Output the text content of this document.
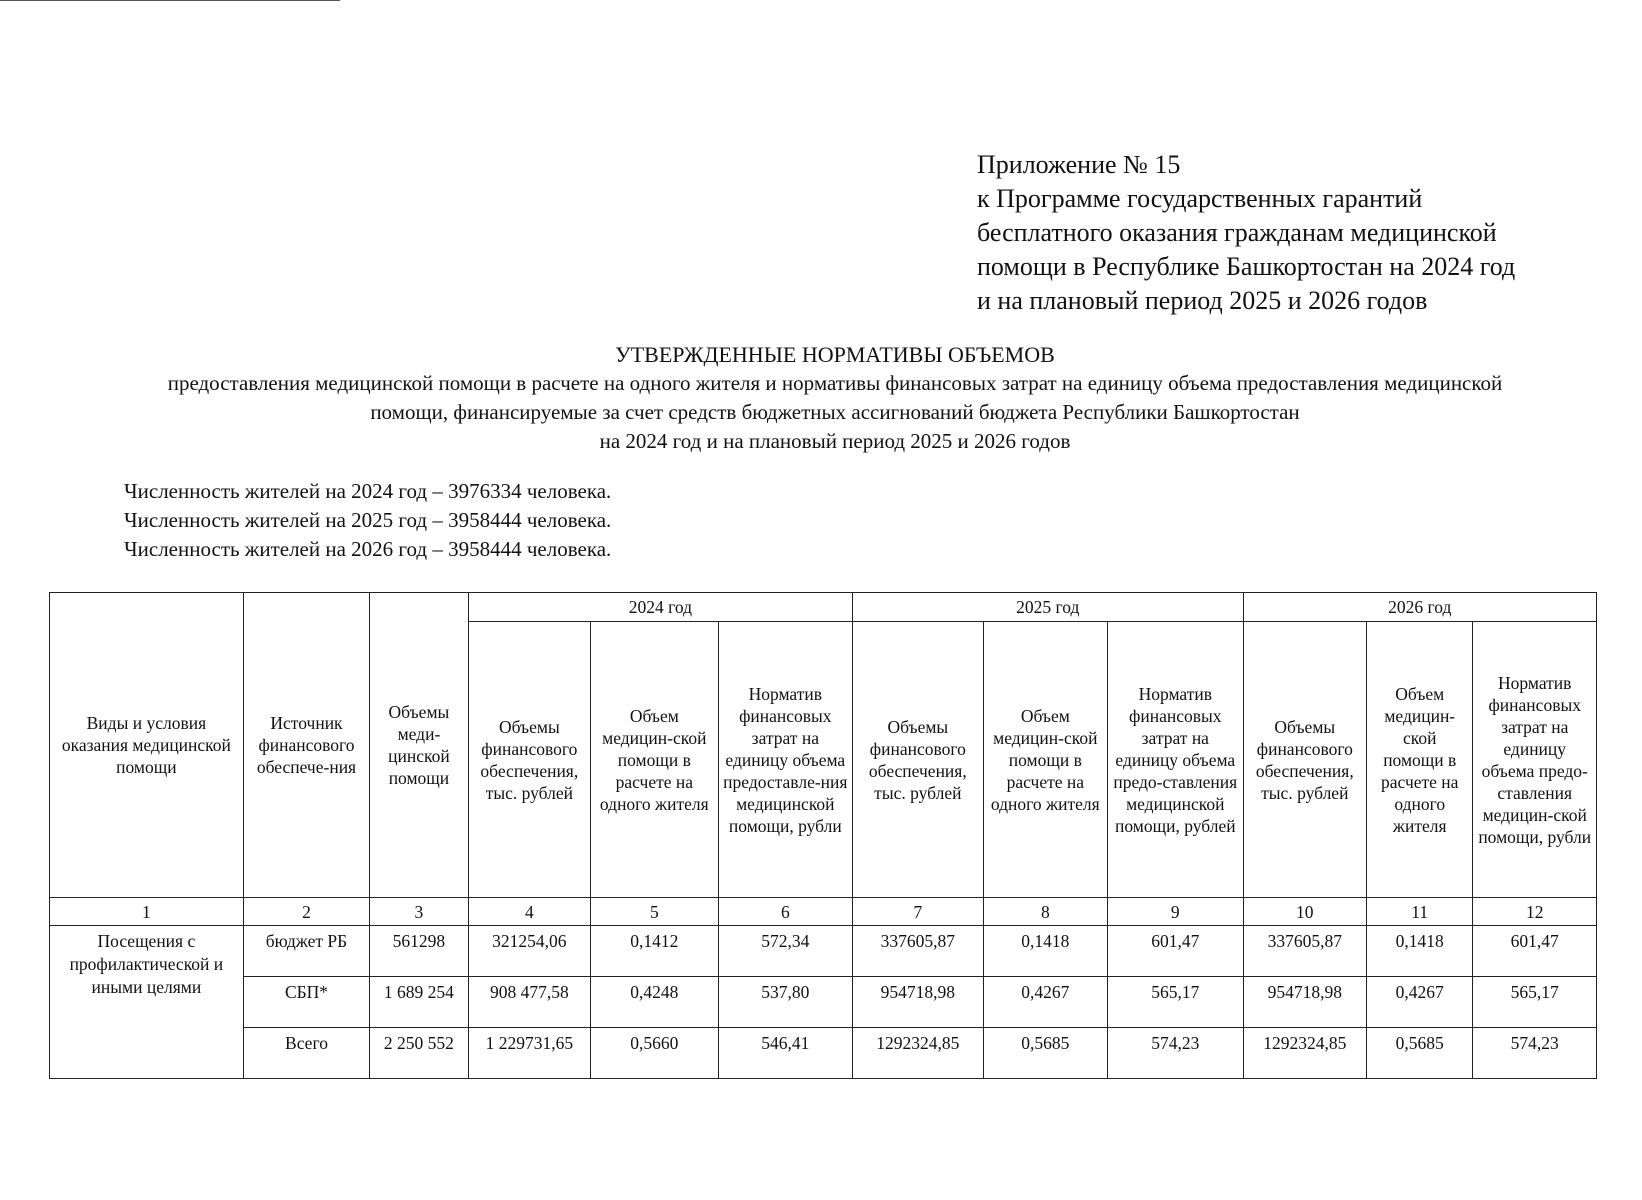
Приложение № 15
к Программе государственных гарантий
бесплатного оказания гражданам медицинской
помощи в Республике Башкортостан на 2024 год
и на плановый период 2025 и 2026 годов
УТВЕРЖДЕННЫЕ НОРМАТИВЫ ОБЪЕМОВ
предоставления медицинской помощи в расчете на одного жителя и нормативы финансовых затрат на единицу объема предоставления медицинской
помощи, финансируемые за счет средств бюджетных ассигнований бюджета Республики Башкортостан
на 2024 год и на плановый период 2025 и 2026 годов
Численность жителей на 2024 год – 3976334 человека.
Численность жителей на 2025 год – 3958444 человека.
Численность жителей на 2026 год – 3958444 человека.
Виды и условия оказания медицинской помощи	Источник финансового обеспече-ния	Объемы меди-цинской помощи	2024 год			2025 год			2026 год		
			Объемы финансового обеспечения, тыс. рублей	Объем медицин-ской помощи в расчете на одного жителя	Норматив финансовых затрат на единицу объема предоставле-ния медицинской помощи, рубли	Объемы финансового обеспечения, тыс. рублей	Объем медицин-ской помощи в расчете на одного жителя	Норматив финансовых затрат на единицу объема предо-ставления медицинской помощи, рублей	Объемы финансового обеспечения, тыс. рублей	Объем медицин-ской помощи в расчете на одного жителя	Норматив финансовых затрат на единицу объема предо-ставления медицин-ской помощи, рубли
1	2	3	4	5	6	7	8	9	10	11	12
Посещения с профилактической и иными целями	бюджет РБ	561298	321254,06	0,1412	572,34	337605,87	0,1418	601,47	337605,87	0,1418	601,47
	СБП*	1 689 254	908 477,58	0,4248	537,80	954718,98	0,4267	565,17	954718,98	0,4267	565,17
	Всего	2 250 552	1 229731,65	0,5660	546,41	1292324,85	0,5685	574,23	1292324,85	0,5685	574,23
